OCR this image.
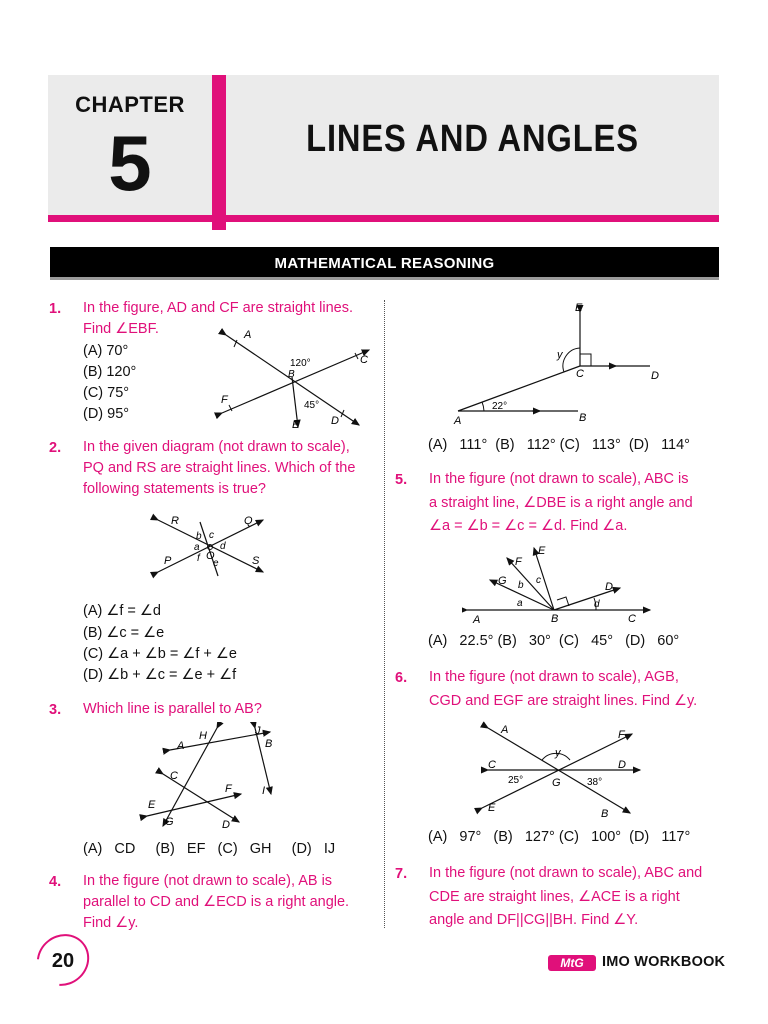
CHAPTER
5	LINES AND ANGLES
MATHEMATICAL REASONING
1. In the figure, AD and CF are straight lines.
Find ∠EBF.
(A) 70°
(B) 120°
(C) 75°
(D) 95°
A
C
B
F
E	D
120°
45°
2. In the given diagram (not drawn to scale),
PQ and RS are straight lines. Which of the
following statements is true?
R	Q
P	S
O
a
b c
d
e
f
(A) ∠f = ∠d
(B) ∠c = ∠e
(C) ∠a + ∠b = ∠f + ∠e
(D) ∠b + ∠c = ∠e + ∠f
3. Which line is parallel to AB?
H	J
A	B
C
F	I
E
G	D
(A)   CD     (B)   EF   (C)   GH     (D)   IJ
4. In the figure (not drawn to scale), AB is
parallel to CD and ∠ECD is a right angle.
Find ∠y.
E
y
C	D
A	B
22°
(A)   111°  (B)   112° (C)   113°  (D)   114°
5. In the figure (not drawn to scale), ABC is
a straight line, ∠DBE is a right angle and
∠a = ∠b = ∠c = ∠d. Find ∠a.
E
F
G	c
b
a
D
d
A	B	C
(A)   22.5° (B)   30°  (C)   45°   (D)   60°
6. In the figure (not drawn to scale), AGB,
CGD and EGF are straight lines. Find ∠y.
A	F
y
C	D
25°	G	38°
E	B
(A)   97°   (B)   127° (C)   100°  (D)   117°
7. In the figure (not drawn to scale), ABC and
CDE are straight lines, ∠ACE is a right
angle and DF||CG||BH. Find ∠Y.
20	MtG	IMO WORKBOOK
